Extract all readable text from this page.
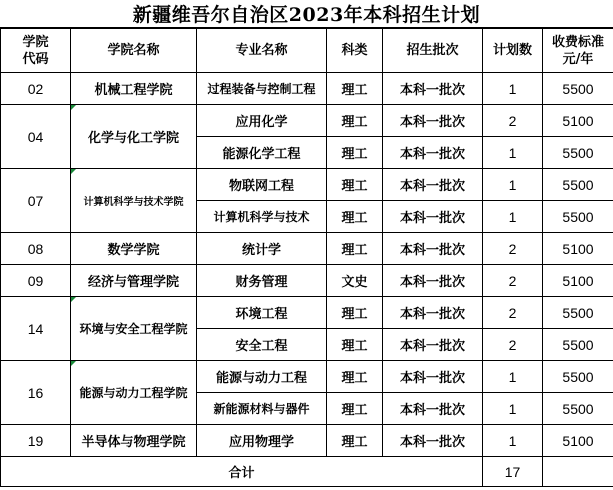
新疆维吾尔自治区2023年本科招生计划
学院
代码	学院名称	专业名称	科类	招生批次	计划数	收费标准
元/年
02	机械工程学院	过程装备与控制工程	理工	本科一批次	1	5500
04	化学与化工学院	应用化学	理工	本科一批次	2	5100
		能源化学工程	理工	本科一批次	1	5500
07	计算机科学与技术学院	物联网工程	理工	本科一批次	1	5500
		计算机科学与技术	理工	本科一批次	1	5500
08	数学学院	统计学	理工	本科一批次	2	5100
09	经济与管理学院	财务管理	文史	本科一批次	2	5100
14	环境与安全工程学院	环境工程	理工	本科一批次	2	5500
		安全工程	理工	本科一批次	2	5500
16	能源与动力工程学院	能源与动力工程	理工	本科一批次	1	5500
		新能源材料与器件	理工	本科一批次	1	5500
19	半导体与物理学院	应用物理学	理工	本科一批次	1	5100
合计					17	
